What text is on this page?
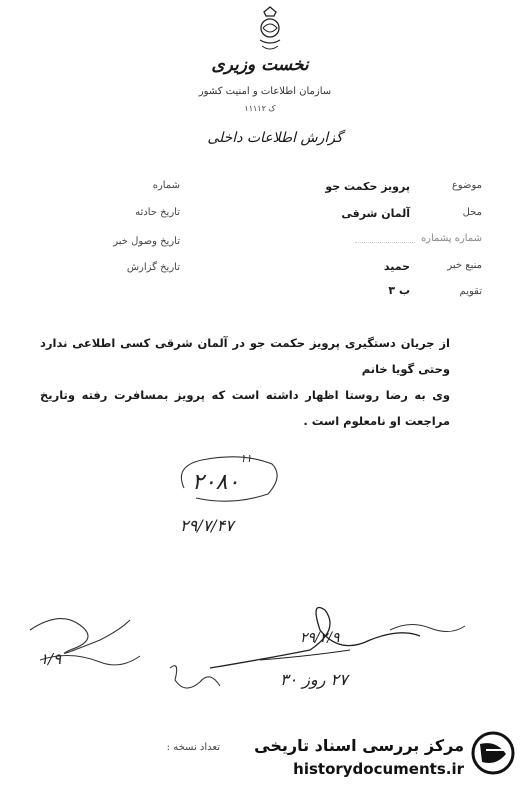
نخست وزیری
سازمان اطلاعات و امنیت کشور
ک ۱۱۱۱۲
گزارش اطلاعات داخلی
موضوع
پرویز حکمت جو
محل
آلمان شرقی
شماره پشماره
منبع خبر
حمید
تقویم
ب ۳
شماره
تاریخ حادثه
تاریخ وصول خبر
تاریخ گزارش
از جریان دستگیری پرویز حکمت جو در آلمان شرقی کسی اطلاعی ندارد وحتی گویا خانم
وی به رضا روستا اظهار داشته است که پرویز بمسافرت رفته وتاریخ مراجعت او نامعلوم است .
۱۱
۲۰۸۰
۲۹/۷/۴۷
۱/۹
۲۹/۲/۹
۲۷ روز ۳۰
تعداد نسخه :	مرکز بررسی اسناد تاریخی
historydocuments.ir
